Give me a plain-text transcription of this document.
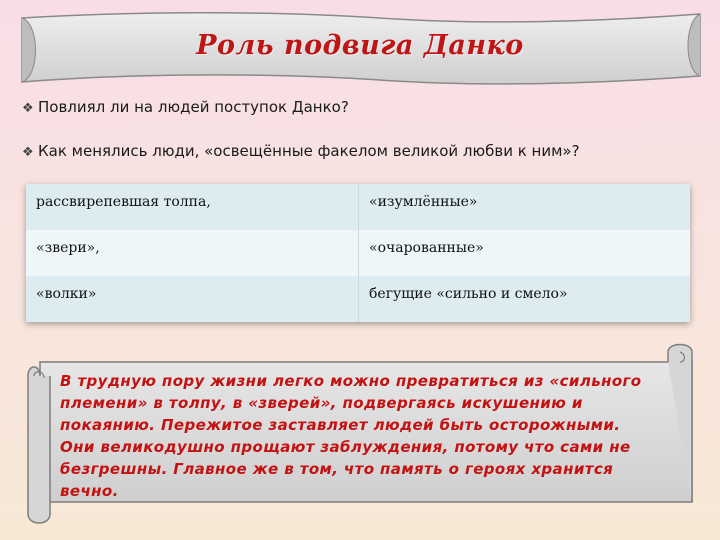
Роль подвига Данко
❖ Повлиял ли на людей поступок Данко?
❖ Как менялись люди, «освещённые факелом великой любви к ним»?
рассвирепевшая толпа,	«изумлённые»
«звери»,	«очарованные»
«волки»	бегущие «сильно и смело»
В трудную пору жизни легко можно превратиться из «сильного племени» в толпу, в «зверей», подвергаясь искушению и покаянию. Пережитое заставляет людей быть осторожными. Они великодушно прощают заблуждения, потому что сами не безгрешны. Главное же в том, что память о героях хранится вечно.
